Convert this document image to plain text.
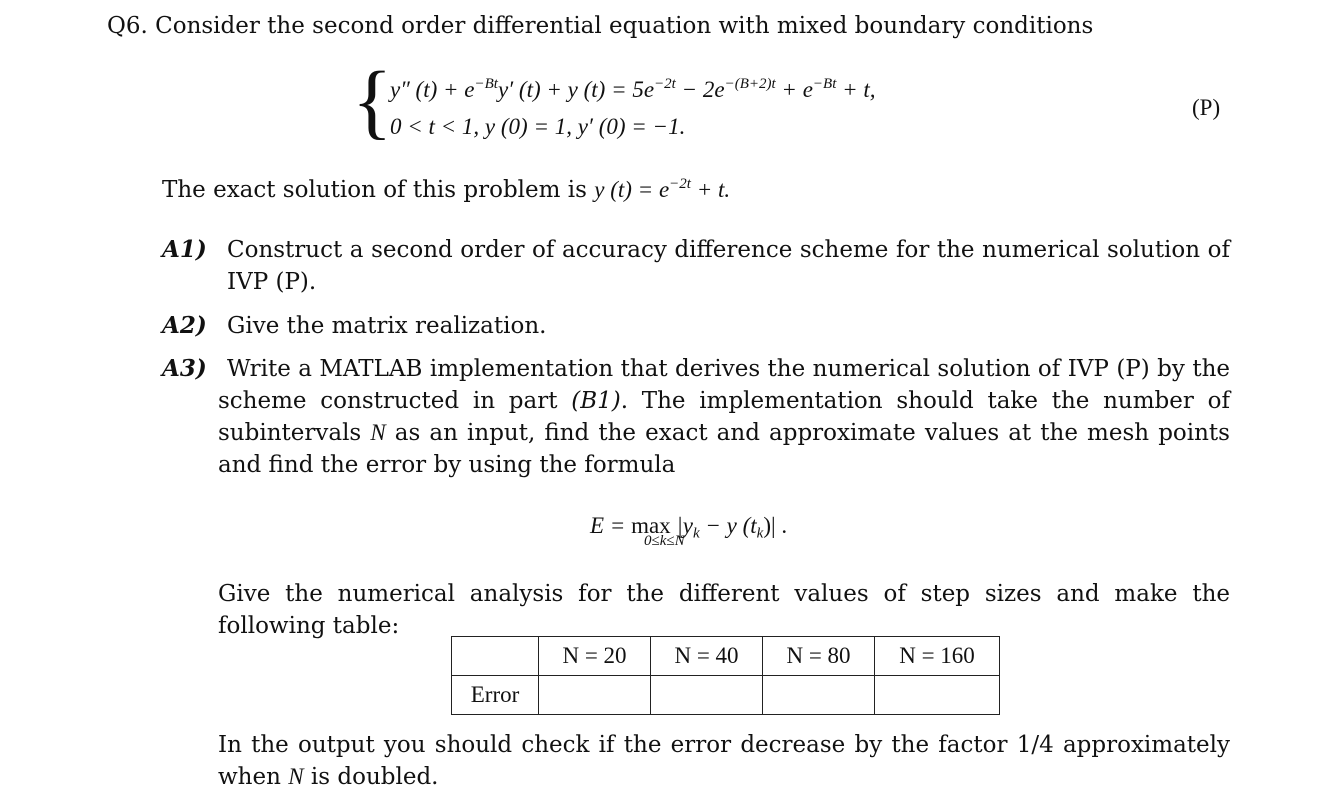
Q6. Consider the second order differential equation with mixed boundary conditions
{
y″ $(t) + e^{-Bt}y'$ (t) + y $(t) = 5e^{-2t} - 2e^{-(B+2)t} + e^{-Bt} + t$,
0 < t < 1, y (0) = 1, y′ (0) = −1.
(P)
The exact solution of this problem is y $(t) = e^{-2t} + t$.
A1) Construct a second order of accuracy difference scheme for the numerical solution of IVP (P).
A2) Give the matrix realization.
A3) Write a MATLAB implementation that derives the numerical solution of IVP (P) by the scheme constructed in part (B1). The implementation should take the number of subintervals N as an input, find the exact and approximate values at the mesh points and find the error by using the formula
$E = \max |y_k - y$ $(t_k)|$ .
0≤k≤N
Give the numerical analysis for the different values of step sizes and make the following table:
	N = 20	N = 40	N = 80	N = 160
Error				
In the output you should check if the error decrease by the factor 1/4 approximately when N is doubled.
